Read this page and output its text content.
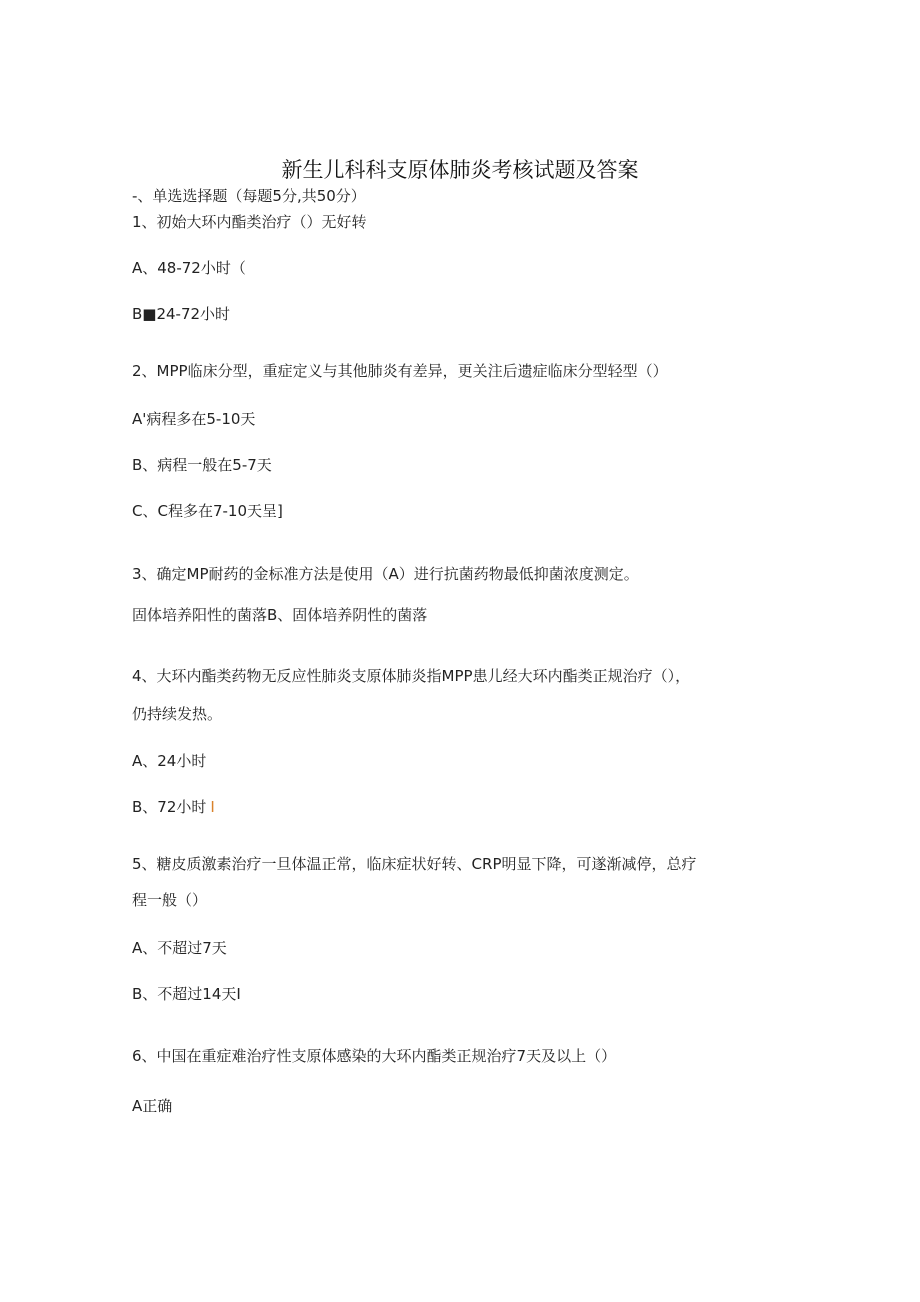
新生儿科科支原体肺炎考核试题及答案
-、单选选择题（每题5分,共50分）
1、初始大环内酯类治疗（）无好转
A、48-72小时（
B■24-72小时
2、MPP临床分型，重症定义与其他肺炎有差异，更关注后遗症临床分型轻型（）
A'病程多在5-10天
B、病程一般在5-7天
C、C程多在7-10天呈]
3、确定MP耐药的金标准方法是使用（A）进行抗菌药物最低抑菌浓度测定。
固体培养阳性的菌落B、固体培养阴性的菌落
4、大环内酯类药物无反应性肺炎支原体肺炎指MPP患儿经大环内酯类正规治疗（），
仍持续发热。
A、24小时
B、72小时 I
5、糖皮质激素治疗一旦体温正常，临床症状好转、CRP明显下降，可遂渐减停，总疗
程一般（）
A、不超过7天
B、不超过14天I
6、中国在重症难治疗性支原体感染的大环内酯类正规治疗7天及以上（）
A正确
